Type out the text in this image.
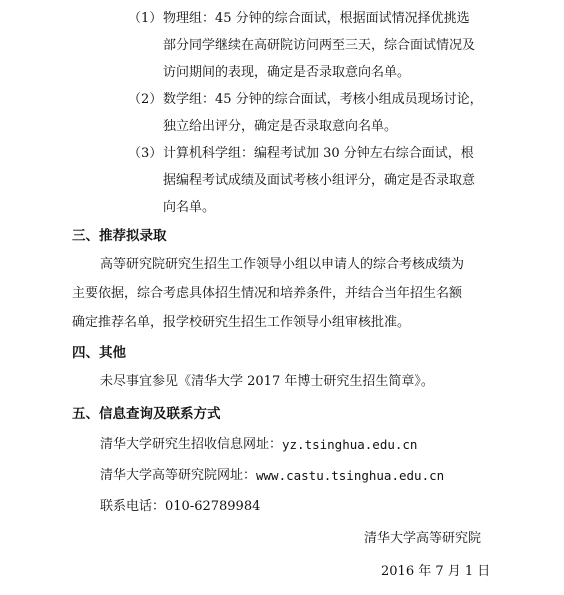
（1） 物理组：45 分钟的综合面试，根据面试情况择优挑选
部分同学继续在高研院访问两至三天，综合面试情况及
访问期间的表现，确定是否录取意向名单。
（2） 数学组：45 分钟的综合面试，考核小组成员现场讨论，
独立给出评分，确定是否录取意向名单。
（3） 计算机科学组：编程考试加 30 分钟左右综合面试，根
据编程考试成绩及面试考核小组评分，确定是否录取意
向名单。
三、推荐拟录取
高等研究院研究生招生工作领导小组以申请人的综合考核成绩为
主要依据，综合考虑具体招生情况和培养条件，并结合当年招生名额
确定推荐名单，报学校研究生招生工作领导小组审核批准。
四、其他
未尽事宜参见《清华大学 2017 年博士研究生招生简章》。
五、信息查询及联系方式
清华大学研究生招收信息网址： yz.tsinghua.edu.cn
清华大学高等研究院网址： www.castu.tsinghua.edu.cn
联系电话： 010-62789984
清华大学高等研究院
2016 年 7 月 1 日
